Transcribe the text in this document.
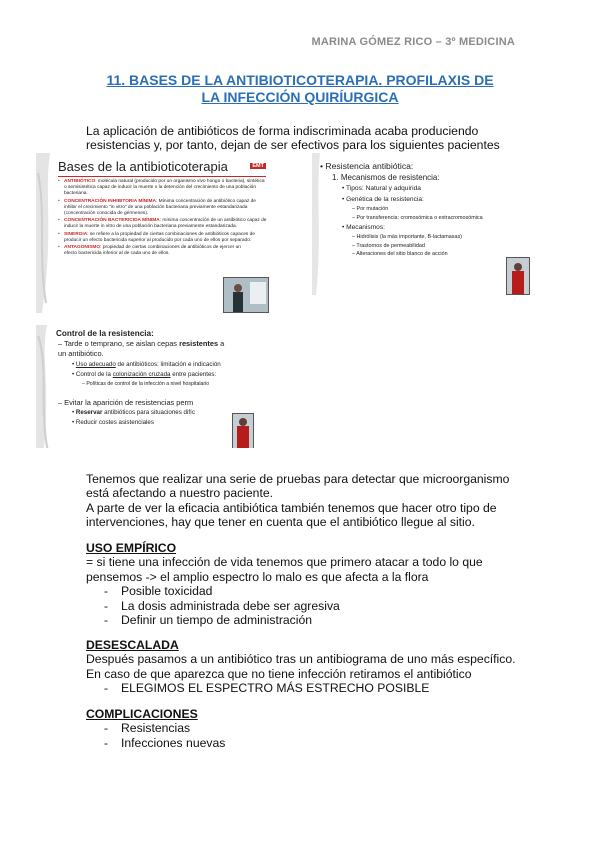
MARINA GÓMEZ RICO – 3º MEDICINA
11. BASES DE LA ANTIBIOTICOTERAPIA. PROFILAXIS DE
LA INFECCIÓN QUIRÍURGICA
La aplicación de antibióticos de forma indiscriminada acaba produciendo
resistencias y, por tanto, dejan de ser efectivos para los siguientes pacientes
Bases de la antibioticoterapia	EMT
• ANTIBIÓTICO: molécula natural (producido por un organismo vivo hongo o bacteria), sintética o semisintética capaz de inducir la muerte o la detención del crecimiento de una población bacteriana.
• CONCENTRACIÓN INHIBITORIA MÍNIMA: Mínima concentración de antibiótico capaz de inhibir el crecimiento "in vitro" de una población bacteriana previamente estandarizada (concentración conocida de gérmenes).
• CONCENTRACIÓN BACTERICIDA MÍNIMA: mínima concentración de un antibiótico capaz de inducir la muerte in vitro de una población bacteriana previamente estandarizada.
• SINERGIA: se refiere a la propiedad de ciertas combinaciones de antibióticos capaces de producir un efecto bactericida superior al producido por cada uno de ellos por separado.
• ANTAGONISMO: propiedad de ciertas combinaciones de antibióticos de ejercer un efecto bactericida inferior al de cada uno de ellos.
• Resistencia antibiótica:
1. Mecanismos de resistencia:
• Tipos: Natural y adquirida
• Genética de la resistencia:
– Por mutación
– Por transferencia: cromosómica o extracromosómica
• Mecanismos:
– Hidrólisis (la más importante, B-lactamasas)
– Trastornos de permeabilidad
– Alteraciones del sitio blanco de acción
Control de la resistencia:
– Tarde o temprano, se aislan cepas resistentes a
un antibiótico.
• Uso adecuado de antibióticos: limitación e indicación
• Control de la colonización cruzada entre pacientes:
– Políticas de control de la infección a nivel hospitalario
– Evitar la aparición de resistencias perm
• Reservar antibióticos para situaciones difíc
• Reducir costes asistenciales

Tenemos que realizar una serie de pruebas para detectar que microorganismo

está afectando a nuestro paciente.

A parte de ver la eficacia antibiótica también tenemos que hacer otro tipo de

intervenciones, hay que tener en cuenta que el antibiótico llegue al sitio.

USO EMPÍRICO

= si tiene una infección de vida tenemos que primero atacar a todo lo que

pensemos -> el amplio espectro lo malo es que afecta a la flora

- Posible toxicidad

- La dosis administrada debe ser agresiva

- Definir un tiempo de administración

DESESCALADA

Después pasamos a un antibiótico tras un antibiograma de uno más específico.

En caso de que aparezca que no tiene infección retiramos el antibiótico

- ELEGIMOS EL ESPECTRO MÁS ESTRECHO POSIBLE

COMPLICACIONES

- Resistencias

- Infecciones nuevas
